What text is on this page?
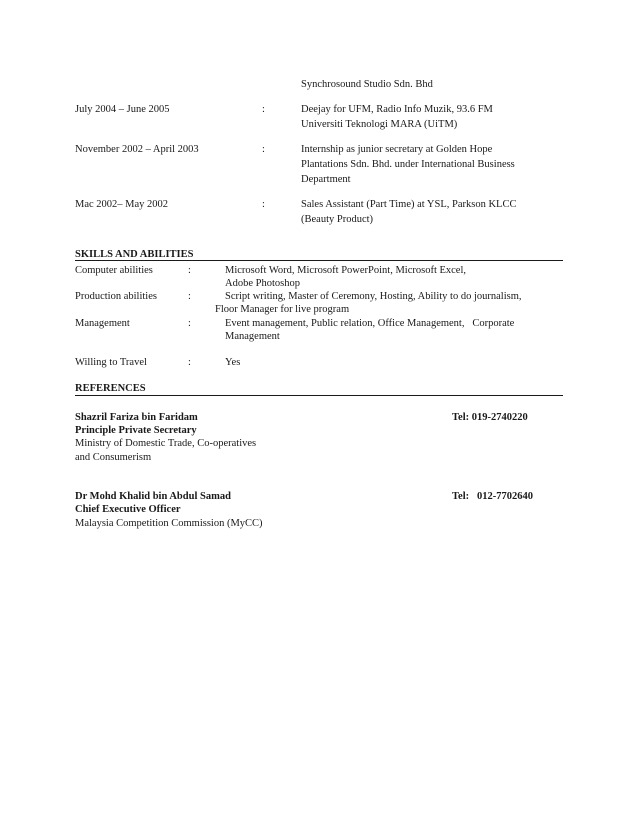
Synchrosound Studio Sdn. Bhd
July 2004 – June 2005	:	Deejay for UFM, Radio Info Muzik, 93.6 FM
Universiti Teknologi MARA (UiTM)
November 2002 – April 2003	:	Internship as junior secretary at Golden Hope
Plantations Sdn. Bhd. under International Business
Department
Mac 2002– May 2002	:	Sales Assistant (Part Time) at YSL, Parkson KLCC
(Beauty Product)
SKILLS AND ABILITIES
Computer abilities	:	Microsoft Word, Microsoft PowerPoint, Microsoft Excel,
Adobe Photoshop
Production abilities	:	Script writing, Master of Ceremony, Hosting, Ability to do journalism,
Floor Manager for live program
Management	:	Event management, Public relation, Office Management,   Corporate
Management
Willing to Travel	:	Yes
REFERENCES
Shazril Fariza bin Faridam	Tel: 019-2740220
Principle Private Secretary
Ministry of Domestic Trade, Co-operatives
and Consumerism
Dr Mohd Khalid bin Abdul Samad	Tel:   012-7702640
Chief Executive Officer
Malaysia Competition Commission (MyCC)
